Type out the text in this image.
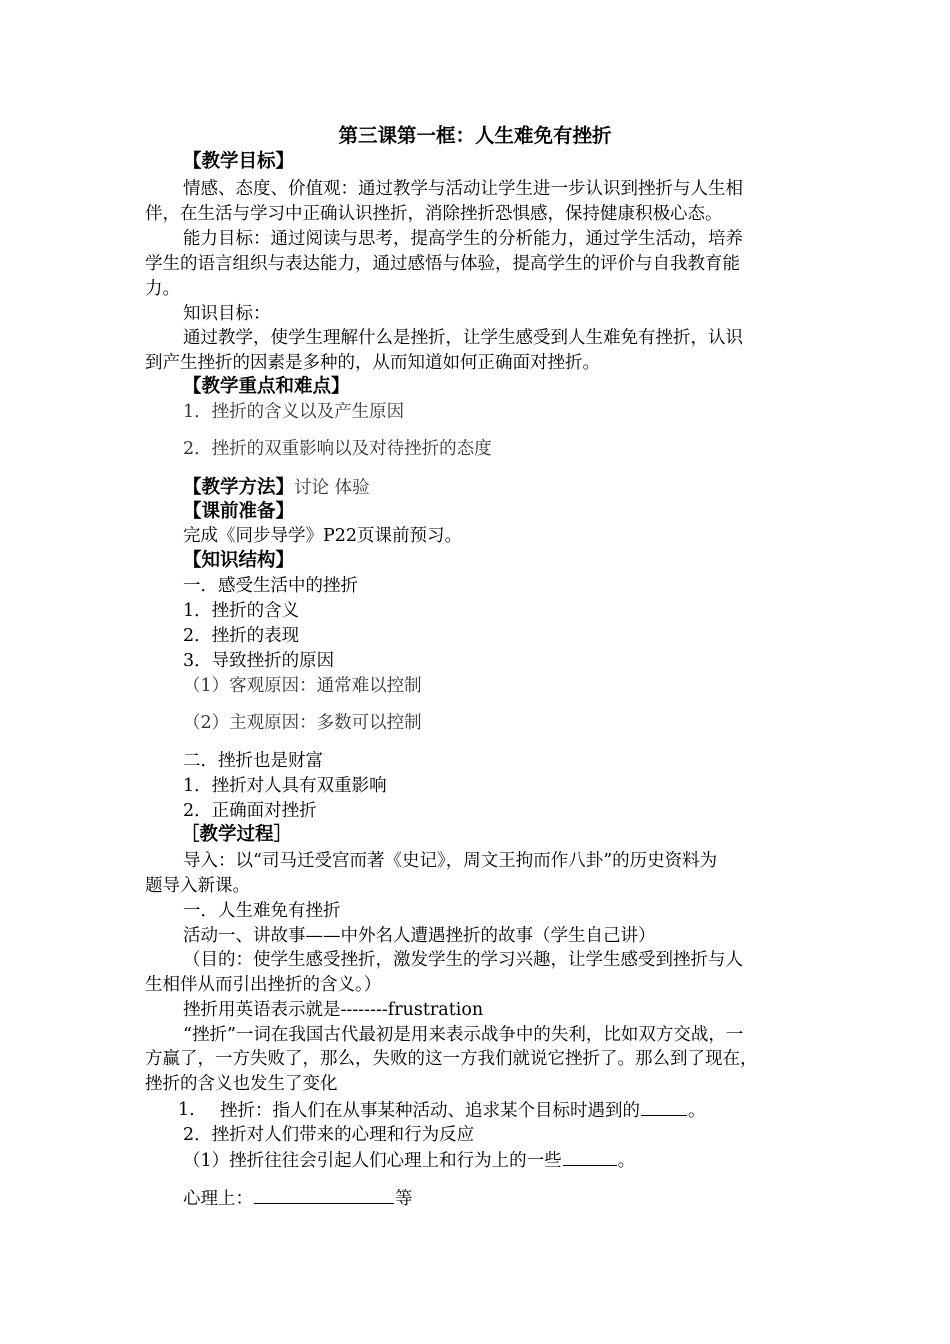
第三课第一框：人生难免有挫折
【教学目标】
情感、态度、价值观：通过教学与活动让学生进一步认识到挫折与人生相
伴，在生活与学习中正确认识挫折，消除挫折恐惧感，保持健康积极心态。
能力目标：通过阅读与思考，提高学生的分析能力，通过学生活动，培养
学生的语言组织与表达能力，通过感悟与体验，提高学生的评价与自我教育能
力。
知识目标：
通过教学，使学生理解什么是挫折，让学生感受到人生难免有挫折，认识
到产生挫折的因素是多种的，从而知道如何正确面对挫折。
【教学重点和难点】
1．挫折的含义以及产生原因
2．挫折的双重影响以及对待挫折的态度
【教学方法】讨论 体验
【课前准备】
完成《同步导学》P22页课前预习。
【知识结构】
一．感受生活中的挫折
1．挫折的含义
2．挫折的表现
3．导致挫折的原因
（1）客观原因：通常难以控制
（2）主观原因：多数可以控制
二．挫折也是财富
1．挫折对人具有双重影响
2．正确面对挫折
［教学过程］
导入：以“司马迁受宫而著《史记》，周文王拘而作八卦”的历史资料为
题导入新课。
一．人生难免有挫折
活动一、讲故事——中外名人遭遇挫折的故事（学生自己讲）
（目的：使学生感受挫折，激发学生的学习兴趣，让学生感受到挫折与人
生相伴从而引出挫折的含义。）
挫折用英语表示就是--------frustration
“挫折”一词在我国古代最初是用来表示战争中的失利，比如双方交战，一
方赢了，一方失败了，那么，失败的这一方我们就说它挫折了。那么到了现在，
挫折的含义也发生了变化
1. 挫折：指人们在从事某种活动、追求某个目标时遇到的	。
2．挫折对人们带来的心理和行为反应
（1）挫折往往会引起人们心理上和行为上的一些	。
心理上：	等
